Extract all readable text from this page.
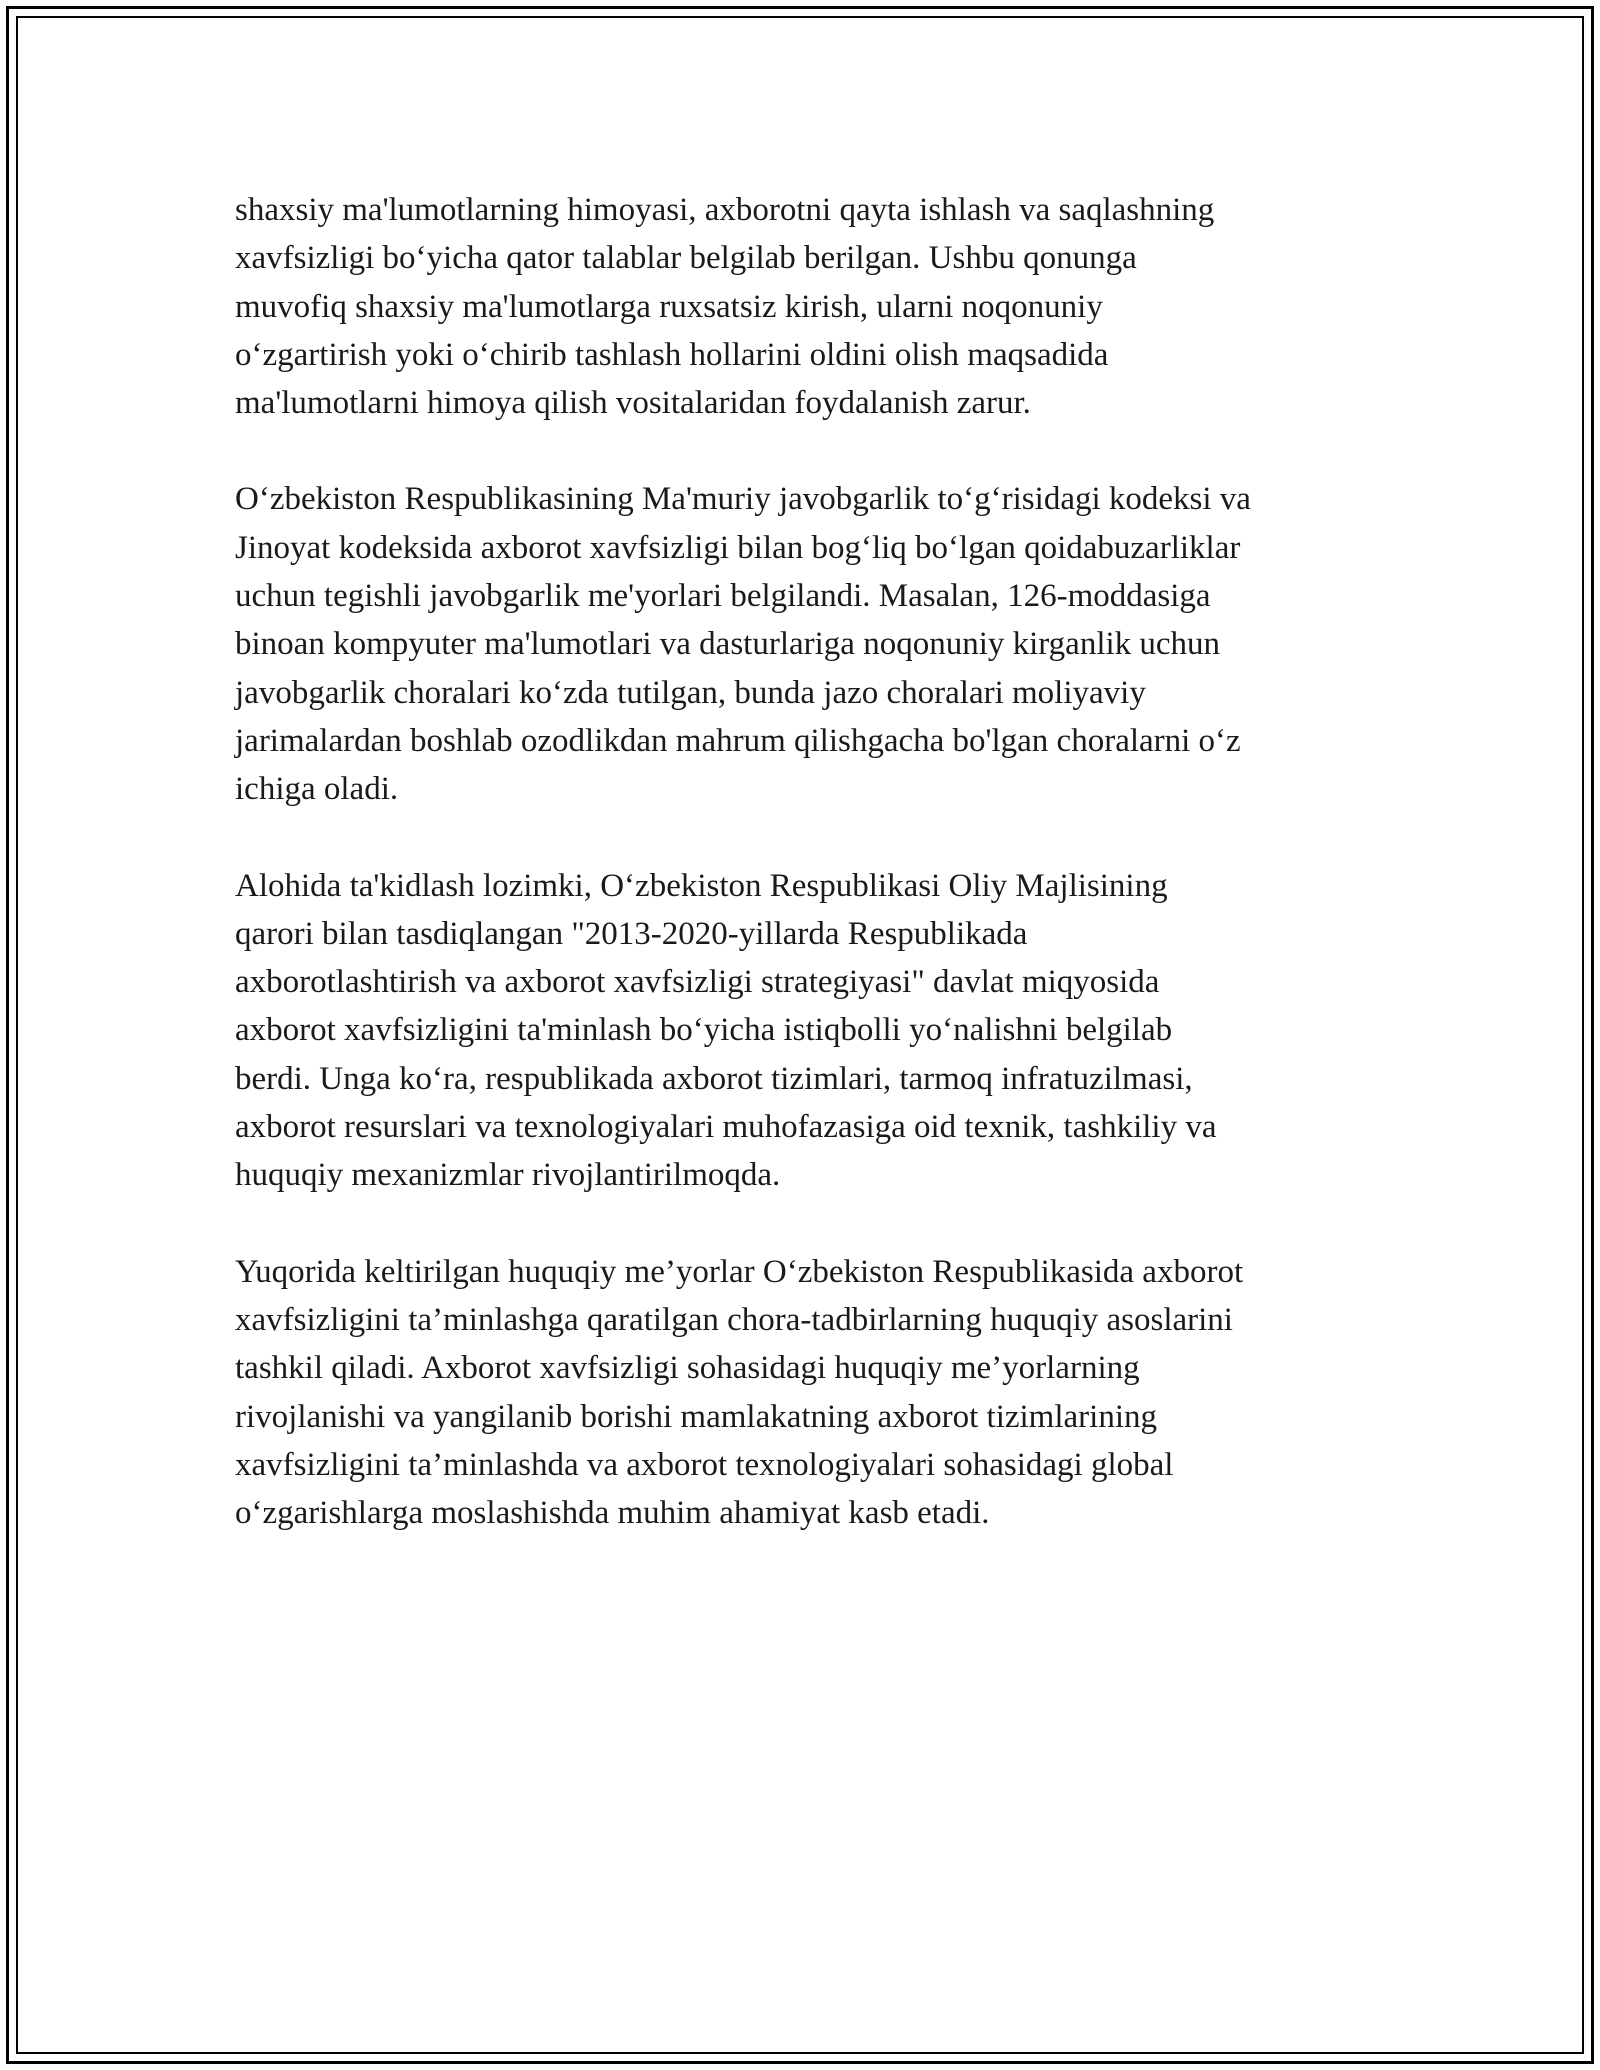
shaxsiy ma'lumotlarning himoyasi, axborotni qayta ishlash va saqlashning
xavfsizligi bo‘yicha qator talablar belgilab berilgan. Ushbu qonunga
muvofiq shaxsiy ma'lumotlarga ruxsatsiz kirish, ularni noqonuniy
o‘zgartirish yoki o‘chirib tashlash hollarini oldini olish maqsadida
ma'lumotlarni himoya qilish vositalaridan foydalanish zarur.

O‘zbekiston Respublikasining Ma'muriy javobgarlik to‘g‘risidagi kodeksi va
Jinoyat kodeksida axborot xavfsizligi bilan bog‘liq bo‘lgan qoidabuzarliklar
uchun tegishli javobgarlik me'yorlari belgilandi. Masalan, 126-moddasiga
binoan kompyuter ma'lumotlari va dasturlariga noqonuniy kirganlik uchun
javobgarlik choralari ko‘zda tutilgan, bunda jazo choralari moliyaviy
jarimalardan boshlab ozodlikdan mahrum qilishgacha bo'lgan choralarni o‘z
ichiga oladi.

Alohida ta'kidlash lozimki, O‘zbekiston Respublikasi Oliy Majlisining
qarori bilan tasdiqlangan "2013-2020-yillarda Respublikada
axborotlashtirish va axborot xavfsizligi strategiyasi" davlat miqyosida
axborot xavfsizligini ta'minlash bo‘yicha istiqbolli yo‘nalishni belgilab
berdi. Unga ko‘ra, respublikada axborot tizimlari, tarmoq infratuzilmasi,
axborot resurslari va texnologiyalari muhofazasiga oid texnik, tashkiliy va
huquqiy mexanizmlar rivojlantirilmoqda.

Yuqorida keltirilgan huquqiy me’yorlar O‘zbekiston Respublikasida axborot
xavfsizligini ta’minlashga qaratilgan chora-tadbirlarning huquqiy asoslarini
tashkil qiladi. Axborot xavfsizligi sohasidagi huquqiy me’yorlarning
rivojlanishi va yangilanib borishi mamlakatning axborot tizimlarining
xavfsizligini ta’minlashda va axborot texnologiyalari sohasidagi global
o‘zgarishlarga moslashishda muhim ahamiyat kasb etadi.
